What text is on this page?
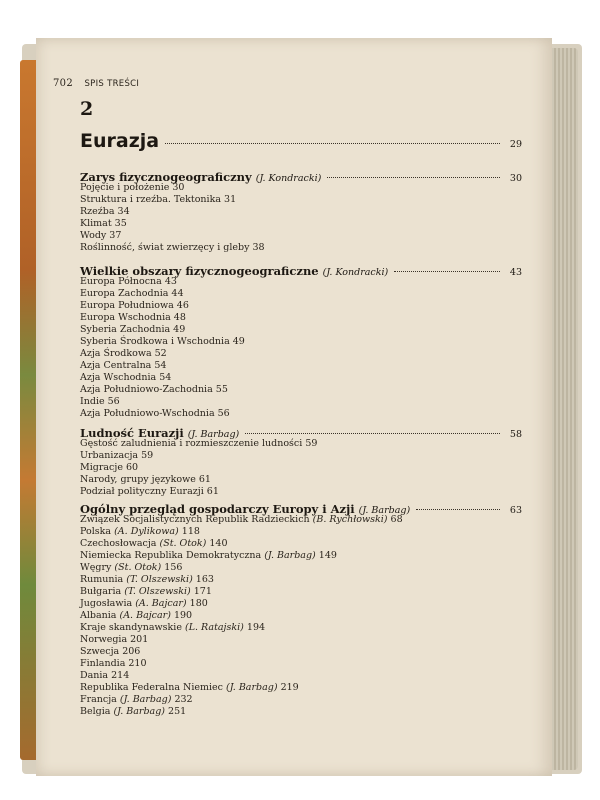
702 SPIS TREŚCI
2
Eurazja	29
Zarys fizycznogeograficzny (J. Kondracki)	30
Pojęcie i położenie 30
Struktura i rzeźba. Tektonika 31
Rzeźba 34
Klimat 35
Wody 37
Roślinność, świat zwierzęcy i gleby 38
Wielkie obszary fizycznogeograficzne (J. Kondracki)	43
Europa Północna 43
Europa Zachodnia 44
Europa Południowa 46
Europa Wschodnia 48
Syberia Zachodnia 49
Syberia Środkowa i Wschodnia 49
Azja Środkowa 52
Azja Centralna 54
Azja Wschodnia 54
Azja Południowo-Zachodnia 55
Indie 56
Azja Południowo-Wschodnia 56
Ludność Eurazji (J. Barbag)	58
Gęstość zaludnienia i rozmieszczenie ludności 59
Urbanizacja 59
Migracje 60
Narody, grupy językowe 61
Podział polityczny Eurazji 61
Ogólny przegląd gospodarczy Europy i Azji (J. Barbag)	63
Związek Socjalistycznych Republik Radzieckich (B. Rychłowski) 68
Polska (A. Dylikowa) 118
Czechosłowacja (St. Otok) 140
Niemiecka Republika Demokratyczna (J. Barbag) 149
Węgry (St. Otok) 156
Rumunia (T. Olszewski) 163
Bułgaria (T. Olszewski) 171
Jugosławia (A. Bajcar) 180
Albania (A. Bajcar) 190
Kraje skandynawskie (L. Ratajski) 194
Norwegia 201
Szwecja 206
Finlandia 210
Dania 214
Republika Federalna Niemiec (J. Barbag) 219
Francja (J. Barbag) 232
Belgia (J. Barbag) 251
